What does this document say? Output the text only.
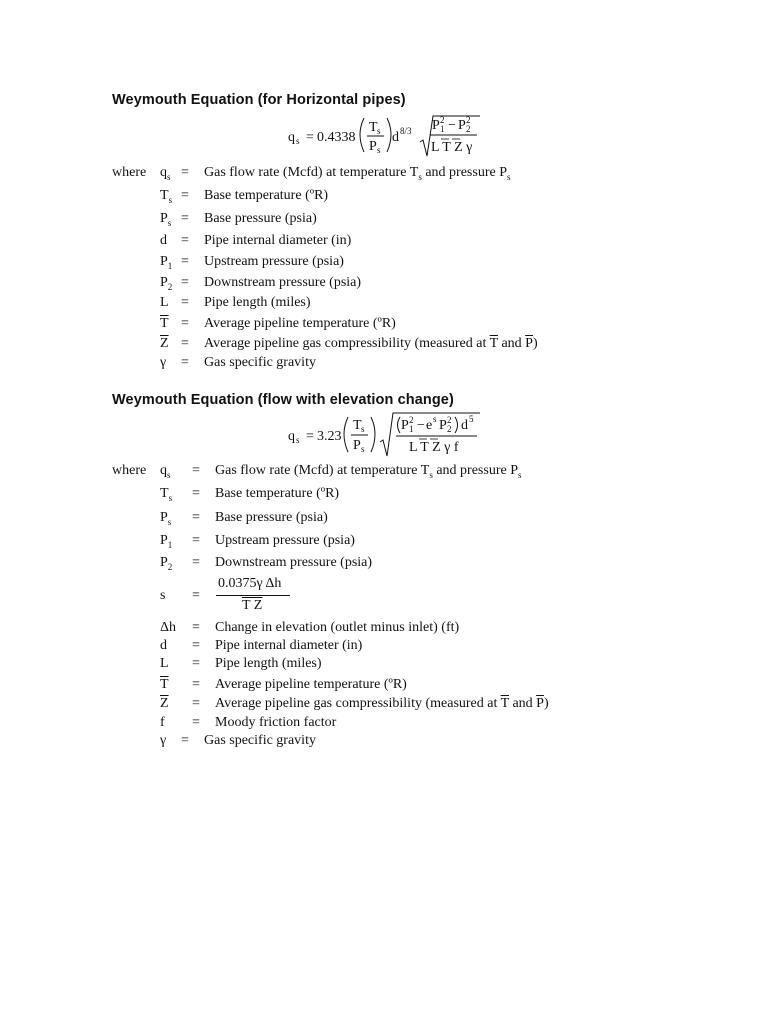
Weymouth Equation (for Horizontal pipes)
q s = 0.4338
T s
P s
d 8/3 P 1
2 − P 2
2
L T Z γ
where $q_s$ = Gas flow rate (Mcfd) at temperature $T_s$ and pressure $P_s$
$T_s$ = Base temperature (ºR)
$P_s$ = Base pressure (psia)
d = Pipe internal diameter (in)
$P_1$ = Upstream pressure (psia)
$P_2$ = Downstream pressure (psia)
L = Pipe length (miles)
$\overline{T}$ = Average pipeline temperature (ºR)
$\overline{Z}$ = Average pipeline gas compressibility (measured at $\overline{T}$ and $\overline{P}$)
γ = Gas specific gravity
Weymouth Equation (flow with elevation change)
q s = 3.23
T s
P s
P 1
2 − e s P 2
2 d 5
L T Z γ f
where $q_s$ = Gas flow rate (Mcfd) at temperature $T_s$ and pressure $P_s$
$T_s$ = Base temperature (ºR)
$P_s$ = Base pressure (psia)
$P_1$ = Upstream pressure (psia)
$P_2$ = Downstream pressure (psia)
s =
0.0375γ Δh
T Z
Δh = Change in elevation (outlet minus inlet) (ft)
d = Pipe internal diameter (in)
L = Pipe length (miles)
$\overline{T}$ = Average pipeline temperature (ºR)
$\overline{Z}$ = Average pipeline gas compressibility (measured at $\overline{T}$ and $\overline{P}$)
f = Moody friction factor
γ = Gas specific gravity
